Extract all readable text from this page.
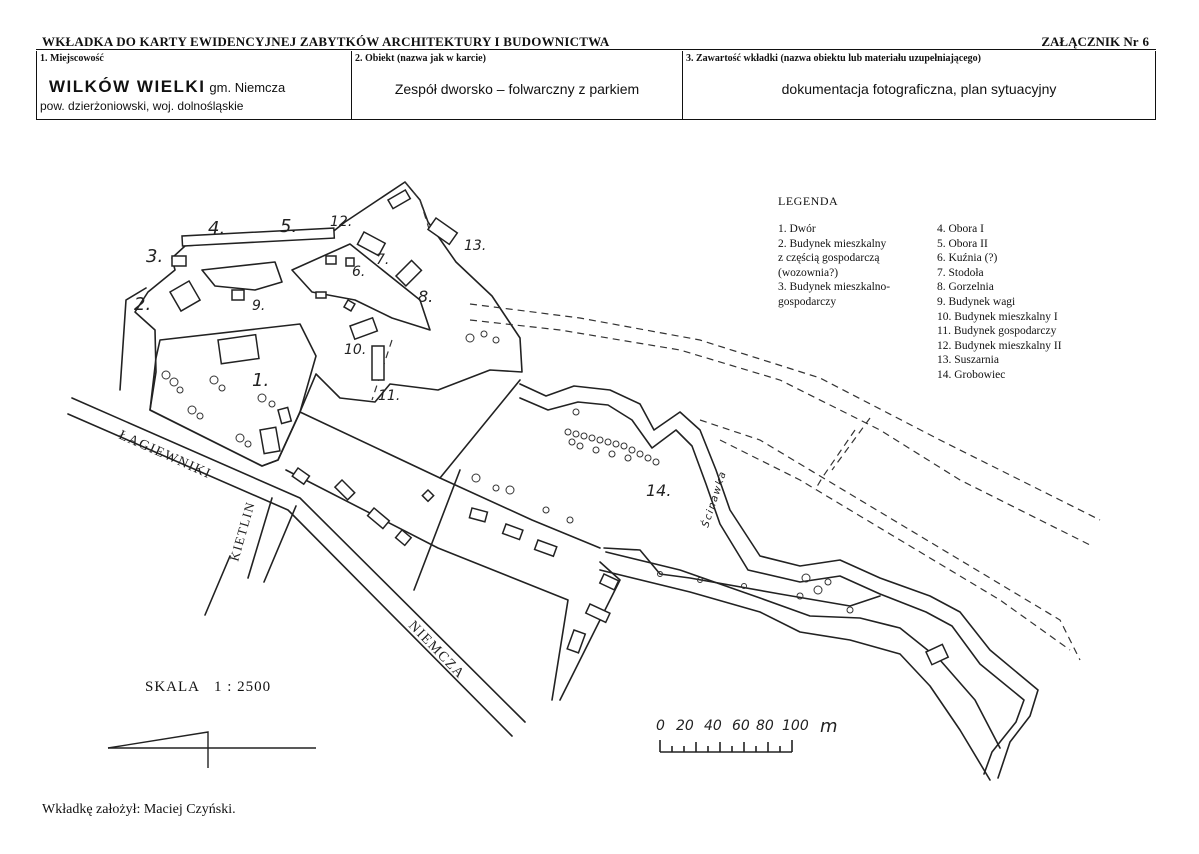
WKŁADKA DO KARTY EWIDENCYJNEJ ZABYTKÓW ARCHITEKTURY I BUDOWNICTWA	ZAŁĄCZNIK Nr 6
1. Miejscowość
WILKÓW WIELKI gm. Niemcza
pow. dzierżoniowski, woj. dolnośląskie
2. Obiekt (nazwa jak w karcie)
Zespół dworsko – folwarczny z parkiem
3. Zawartość wkładki (nazwa obiektu lub materiału uzupełniającego)
dokumentacja fotograficzna, plan sytuacyjny
4.	5. 12.
3.
2.	9.
1.
6.
7.
8.
13.
10.
11.
14.
ŁAGIEWNIKI
KIETLIN
NIEMCZA
Ścinawka
0 20 40 60 80 100 m
LEGENDA
1. Dwór
2. Budynek mieszkalny
z częścią gospodarczą
(wozownia?)
3. Budynek mieszkalno-
gospodarczy
4. Obora I
5. Obora II
6. Kuźnia (?)
7. Stodoła
8. Gorzelnia
9. Budynek wagi
10. Budynek mieszkalny I
11. Budynek gospodarczy
12. Budynek mieszkalny II
13. Suszarnia
14. Grobowiec
SKALA 1 : 2500
Wkładkę założył: Maciej Czyński.
